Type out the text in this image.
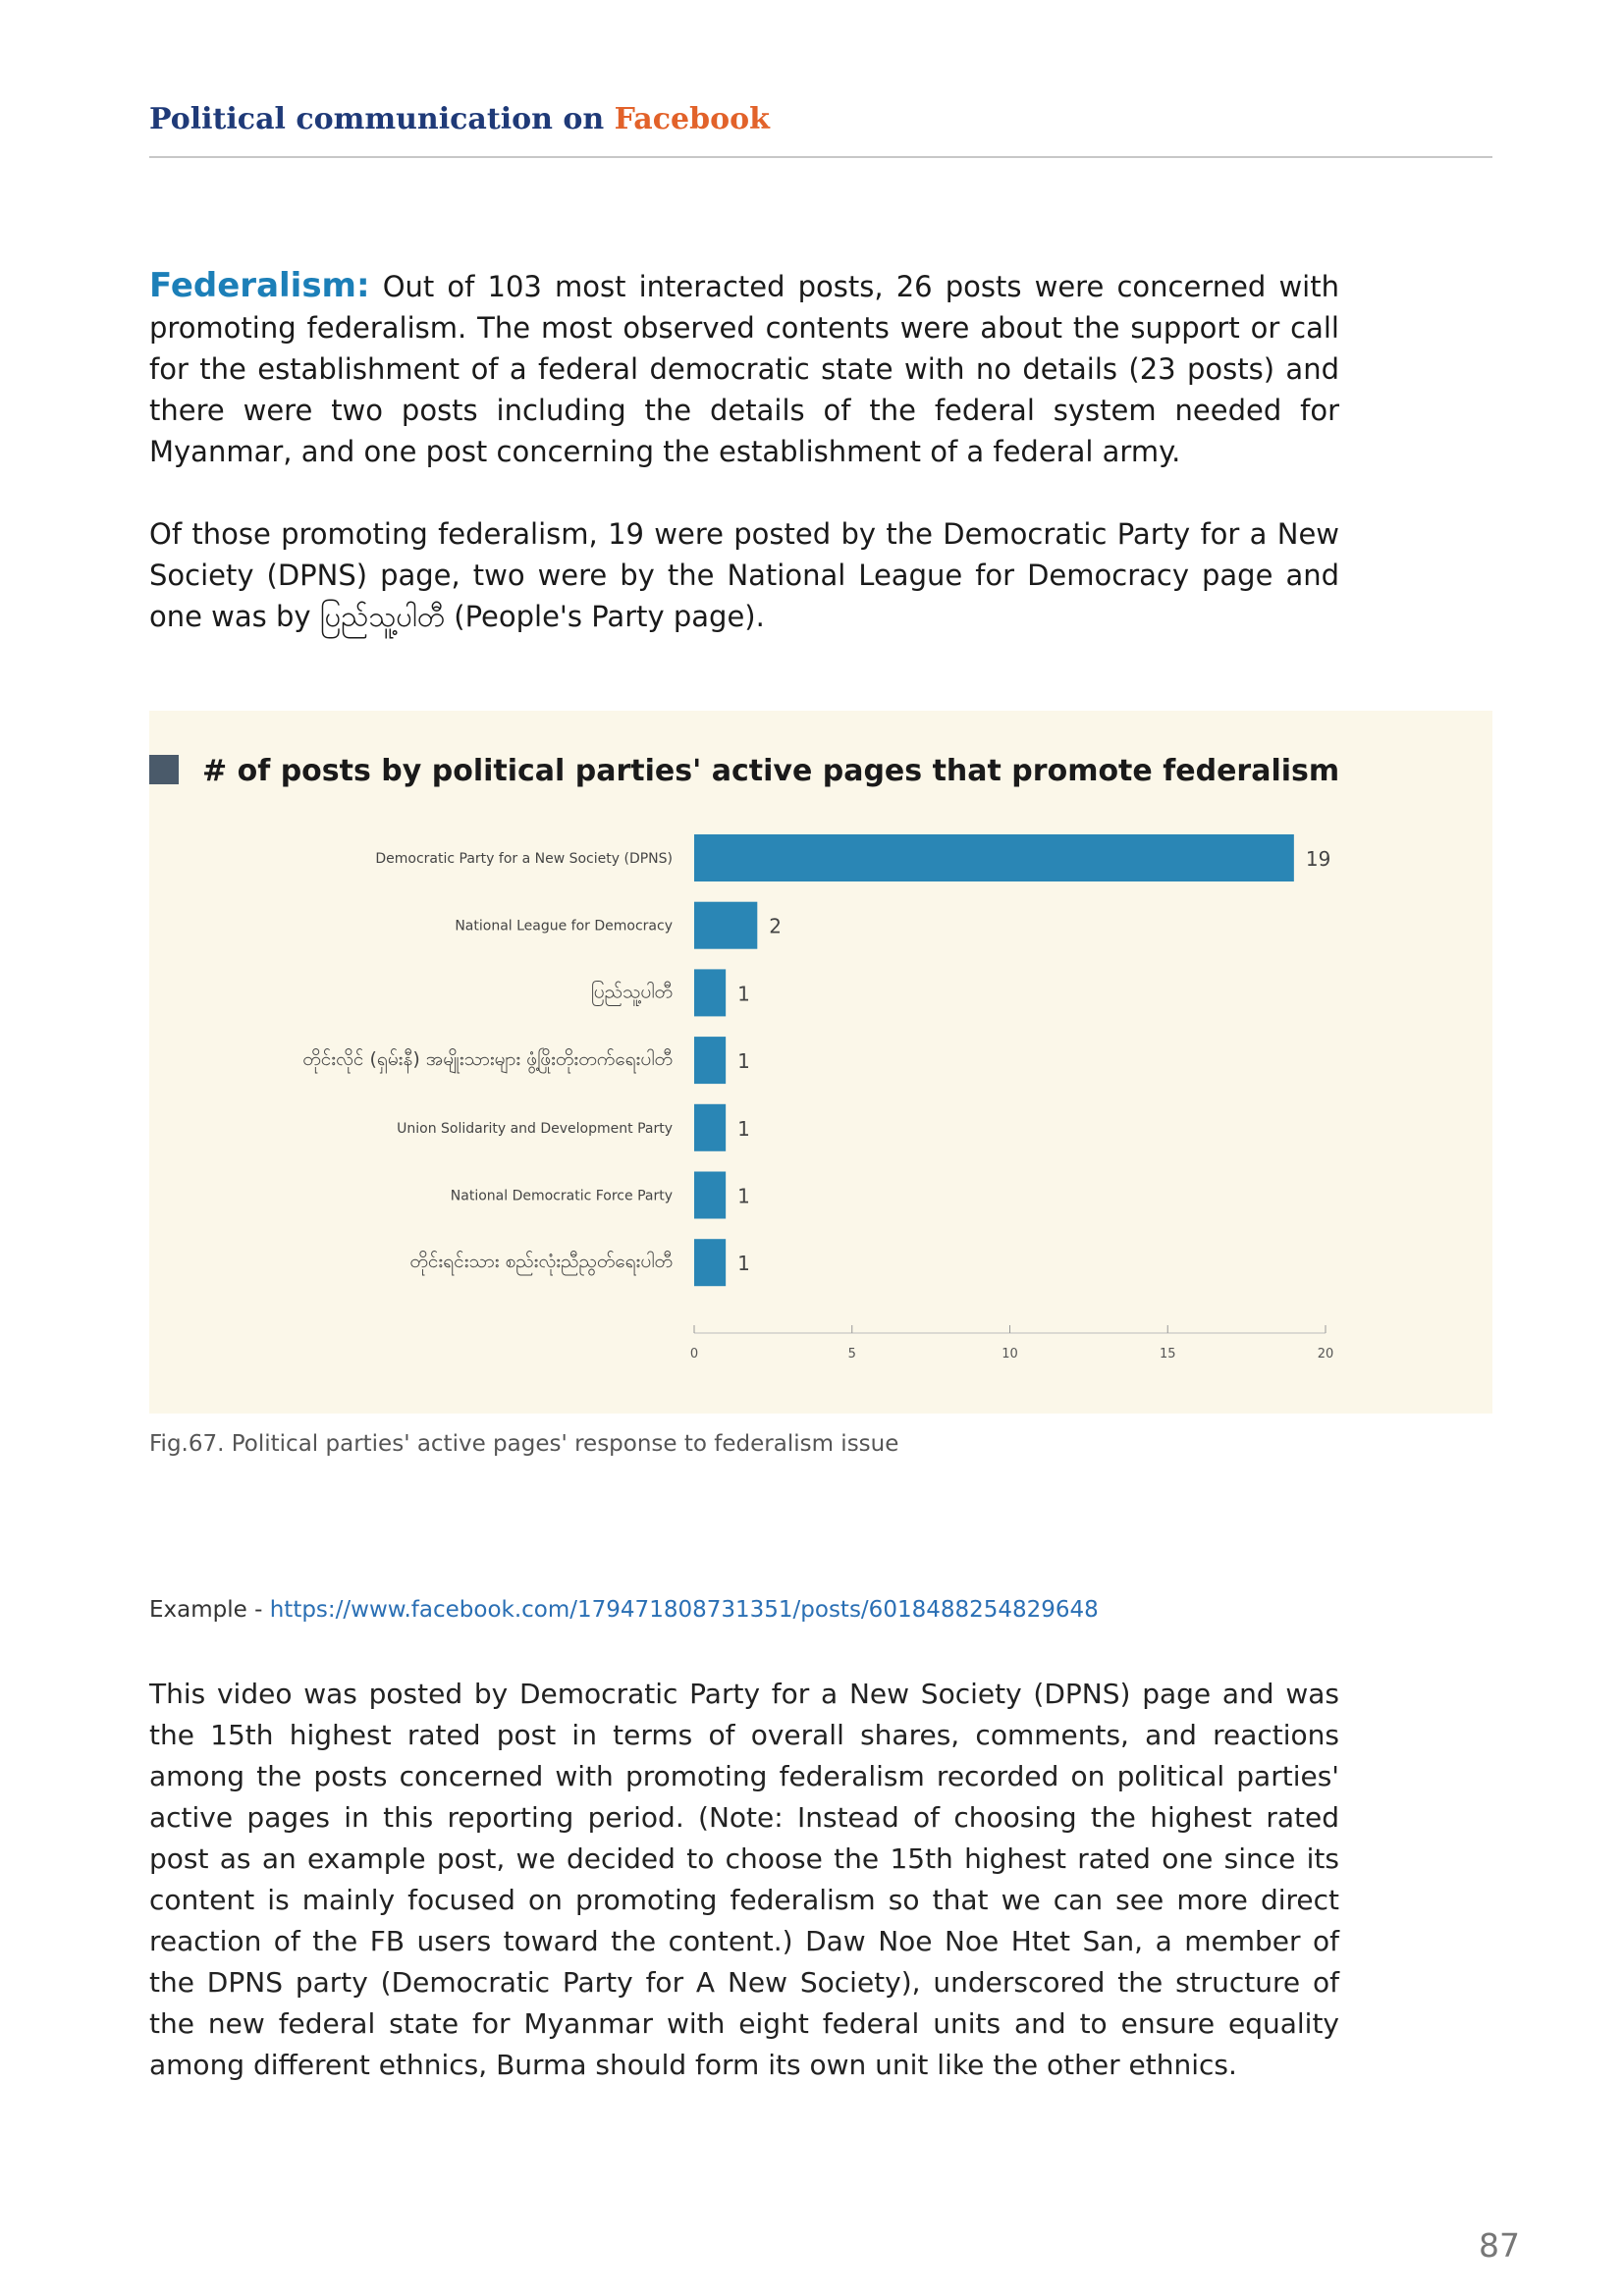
Political communication on Facebook
Federalism: Out of 103 most interacted posts, 26 posts were concerned with promoting federalism. The most observed contents were about the support or call for the establishment of a federal democratic state with no details (23 posts) and there were two posts including the details of the federal system needed for Myanmar, and one post concerning the establishment of a federal army.
Of those promoting federalism, 19 were posted by the Democratic Party for a New Society (DPNS) page, two were by the National League for Democracy page and one was by ပြည်သူ့ပါတီ (People's Party page).
# of posts by political parties' active pages that promote federalism
Democratic Party for a New Society (DPNS)	19
National League for Democracy	2
ပြည်သူ့ပါတီ	1
တိုင်းလိုင် (ရှမ်းနီ) အမျိုးသားများ ဖွံ့ဖြိုးတိုးတက်ရေးပါတီ	1
Union Solidarity and Development Party	1
National Democratic Force Party	1
တိုင်းရင်းသား စည်းလုံးညီညွတ်ရေးပါတီ	1
0	5	10	15	20
Fig.67. Political parties' active pages' response to federalism issue
Example - https://www.facebook.com/179471808731351/posts/6018488254829648
This video was posted by Democratic Party for a New Society (DPNS) page and was the 15th highest rated post in terms of overall shares, comments, and reactions among the posts concerned with promoting federalism recorded on political parties' active pages in this reporting period. (Note: Instead of choosing the highest rated post as an example post, we decided to choose the 15th highest rated one since its content is mainly focused on promoting federalism so that we can see more direct reaction of the FB users toward the content.) Daw Noe Noe Htet San, a member of the DPNS party (Democratic Party for A New Society), underscored the structure of the new federal state for Myanmar with eight federal units and to ensure equality among different ethnics, Burma should form its own unit like the other ethnics.
87
